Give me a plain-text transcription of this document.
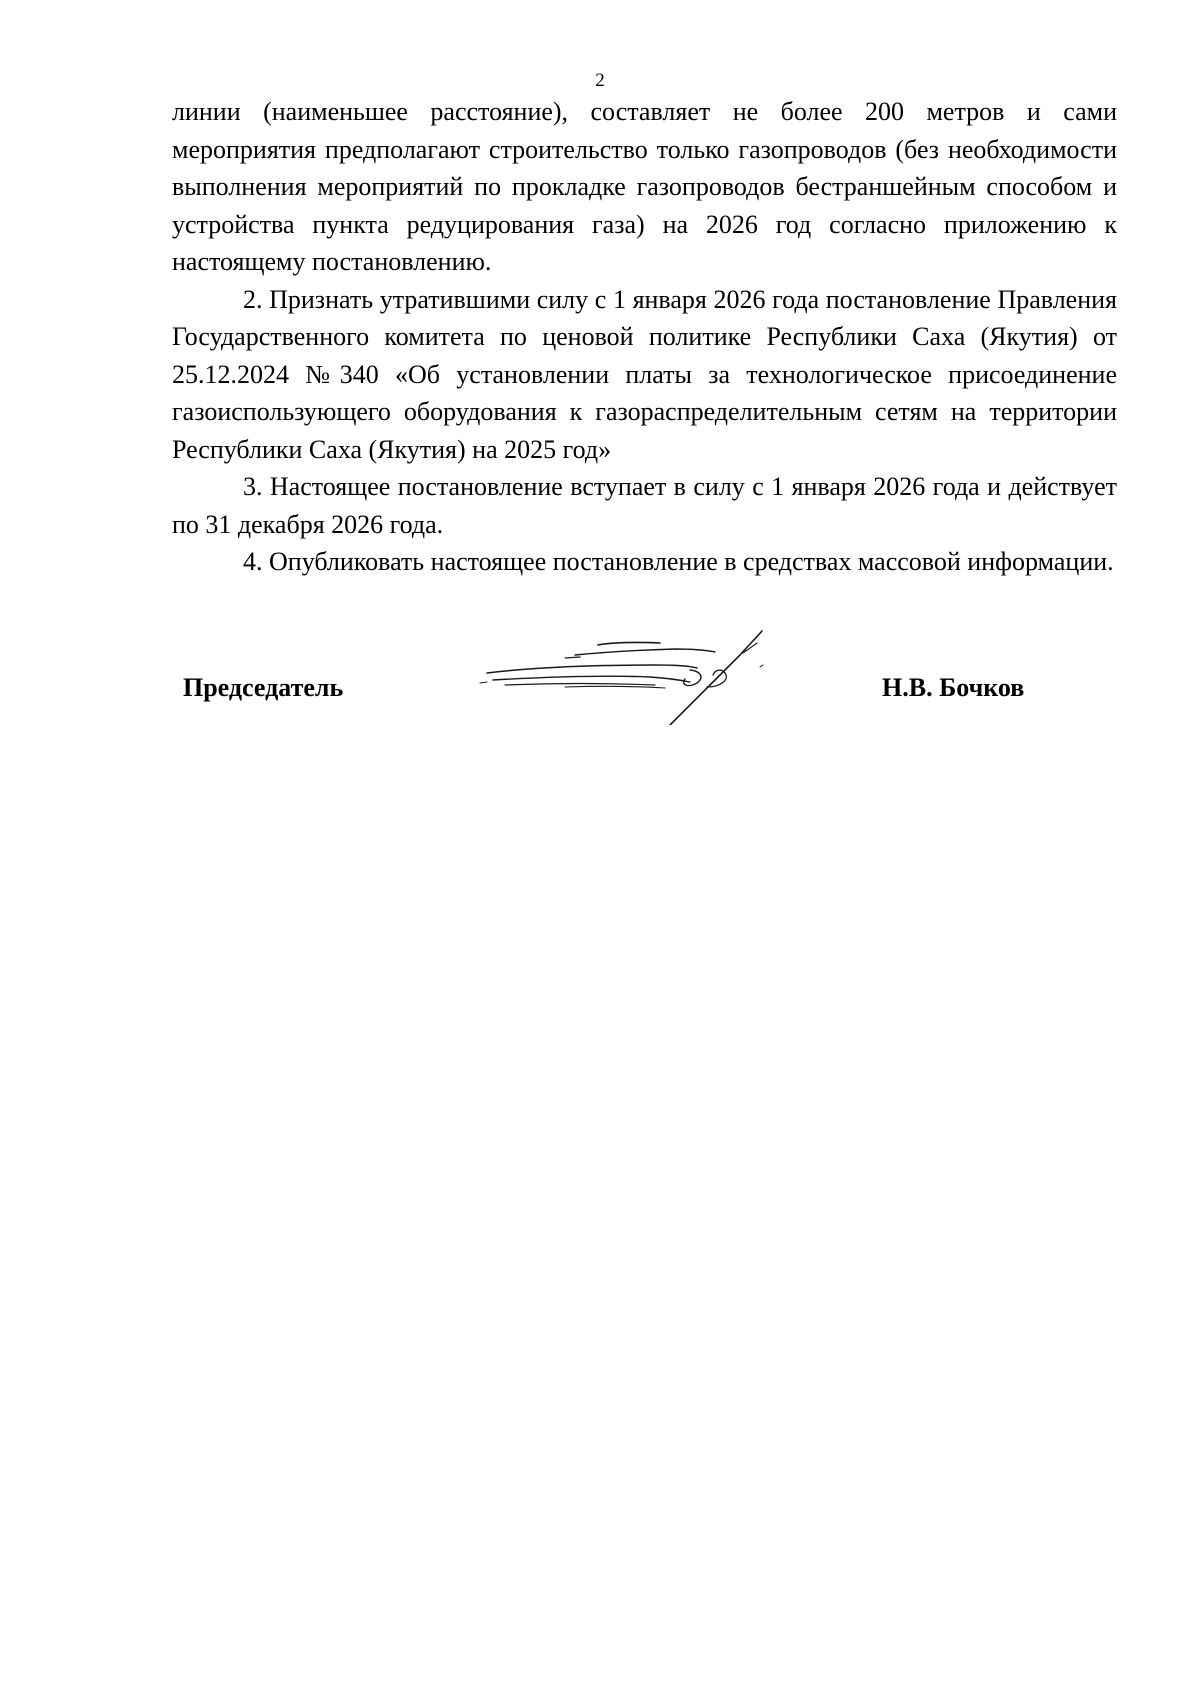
2

линии (наименьшее расстояние), составляет не более 200 метров и сами мероприятия предполагают строительство только газопроводов (без необходимости выполнения мероприятий по прокладке газопроводов бестраншейным способом и устройства пункта редуцирования газа) на 2026 год согласно приложению к настоящему постановлению.

2. Признать утратившими силу с 1 января 2026 года постановление Правления Государственного комитета по ценовой политике Республики Саха (Якутия) от 25.12.2024 №340 «Об установлении платы за технологическое присоединение газоиспользующего оборудования к газораспределительным сетям на территории Республики Саха (Якутия) на 2025 год»

3. Настоящее постановление вступает в силу с 1 января 2026 года и действует по 31 декабря 2026 года.

4. Опубликовать настоящее постановление в средствах массовой информации.

Председатель	Н.В. Бочков
